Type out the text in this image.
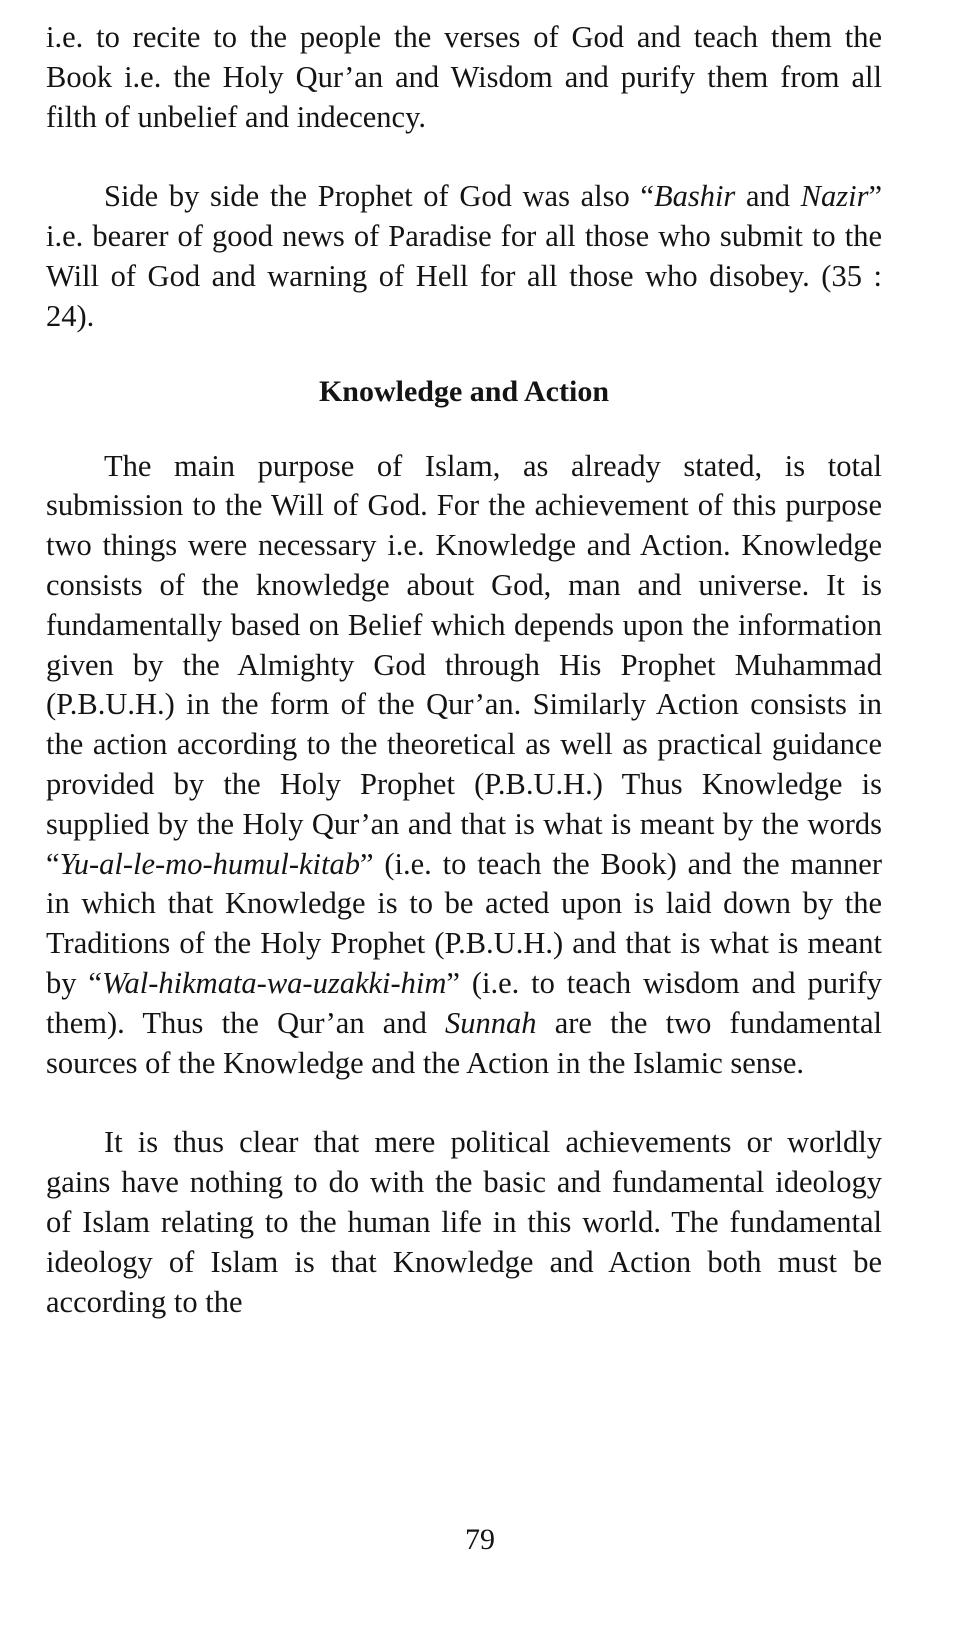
i.e. to recite to the people the verses of God and teach them the Book i.e. the Holy Qur’an and Wisdom and purify them from all filth of unbelief and indecency.

Side by side the Prophet of God was also “Bashir and Nazir” i.e. bearer of good news of Paradise for all those who submit to the Will of God and warning of Hell for all those who disobey. (35 : 24).

Knowledge and Action

The main purpose of Islam, as already stated, is total submission to the Will of God. For the achievement of this purpose two things were necessary i.e. Knowledge and Action. Knowledge consists of the knowledge about God, man and universe. It is fundamentally based on Belief which depends upon the information given by the Almighty God through His Prophet Muhammad (P.B.U.H.) in the form of the Qur’an. Similarly Action consists in the action according to the theoretical as well as practical guidance provided by the Holy Prophet (P.B.U.H.) Thus Knowledge is supplied by the Holy Qur’an and that is what is meant by the words “Yu-al-le-mo-humul-kitab” (i.e. to teach the Book) and the manner in which that Knowledge is to be acted upon is laid down by the Traditions of the Holy Prophet (P.B.U.H.) and that is what is meant by “Wal-hikmata-wa-uzakki-him” (i.e. to teach wisdom and purify them). Thus the Qur’an and Sunnah are the two fundamental sources of the Knowledge and the Action in the Islamic sense.

It is thus clear that mere political achievements or worldly gains have nothing to do with the basic and fundamental ideology of Islam relating to the human life in this world. The fundamental ideology of Islam is that Knowledge and Action both must be according to the

79
